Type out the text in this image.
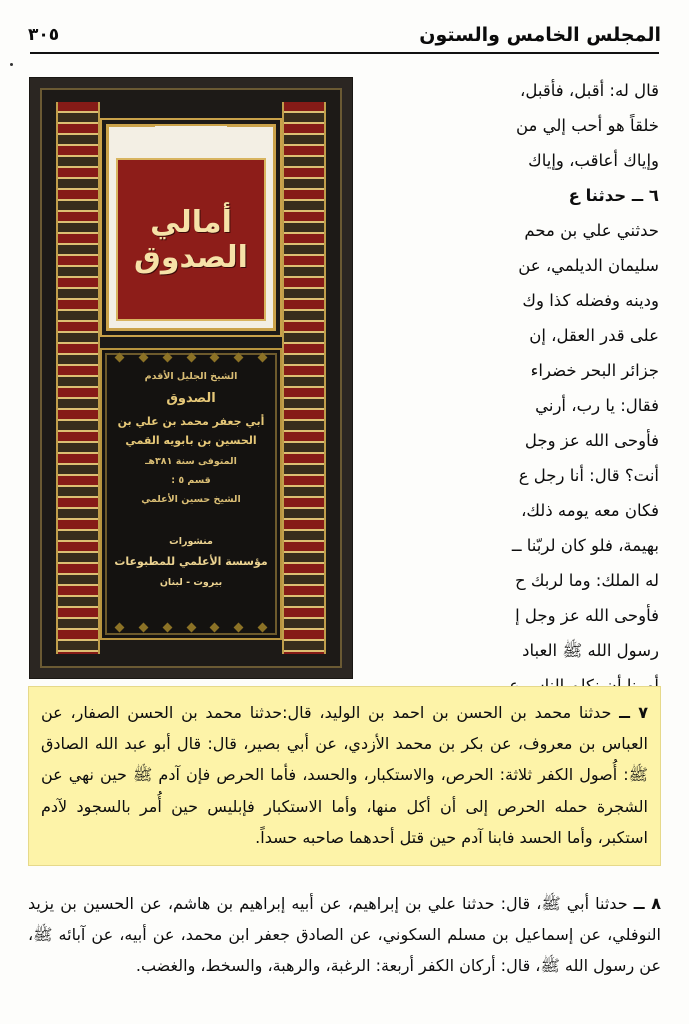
المجلس الخامس والستون
٣٠٥
أمالي الصدوق
الشيخ الجليل الأقدم
الصدوق
أبي جعفر محمد بن علي بن الحسين بن بابويه القمي
المتوفى سنة ٣٨١هـ
قسم ٥ :
الشيخ حسين الأعلمي
منشورات
مؤسسة الأعلمي للمطبوعات
بيروت - لبنان

قال له: أقبل، فأقبل،

خلقاً هو أحب إلي من

وإياك أعاقب، وإياك

٦ ــ حدثنا ع

حدثني علي بن محم

سليمان الديلمي، عن

ودينه وفضله كذا وك

على قدر العقل، إن

جزائر البحر خضراء

فقال: يا رب، أرني

فأوحى الله عز وجل

أنت؟ قال: أنا رجل ع

فكان معه يومه ذلك،

بهيمة، فلو كان لربّنا ــ

له الملك: وما لربك ح

فأوحى الله عز وجل إ

رسول الله ﷺ العباد

٧ ــ حدثنا محمد بن الحسن بن احمد بن الوليد، قال:حدثنا محمد بن الحسن الصفار، عن العباس بن معروف، عن بكر بن محمد الأزدي، عن أبي بصير، قال: قال أبو عبد الله الصادق ﷺ: أُصول الكفر ثلاثة: الحرص، والاستكبار، والحسد، فأما الحرص فإن آدم ﷺ حين نهي عن الشجرة حمله الحرص إلى أن أكل منها، وأما الاستكبار فإبليس حين أُمر بالسجود لآدم استكبر، وأما الحسد فابنا آدم حين قتل أحدهما صاحبه حسداً.

٨ ــ حدثنا أبي ﷺ، قال: حدثنا علي بن إبراهيم، عن أبيه إبراهيم بن هاشم، عن الحسين بن يزيد النوفلي، عن إسماعيل بن مسلم السكوني، عن الصادق جعفر ابن محمد، عن أبيه، عن آبائه ﷺ، عن رسول الله ﷺ، قال: أركان الكفر أربعة: الرغبة، والرهبة، والسخط، والغضب.
